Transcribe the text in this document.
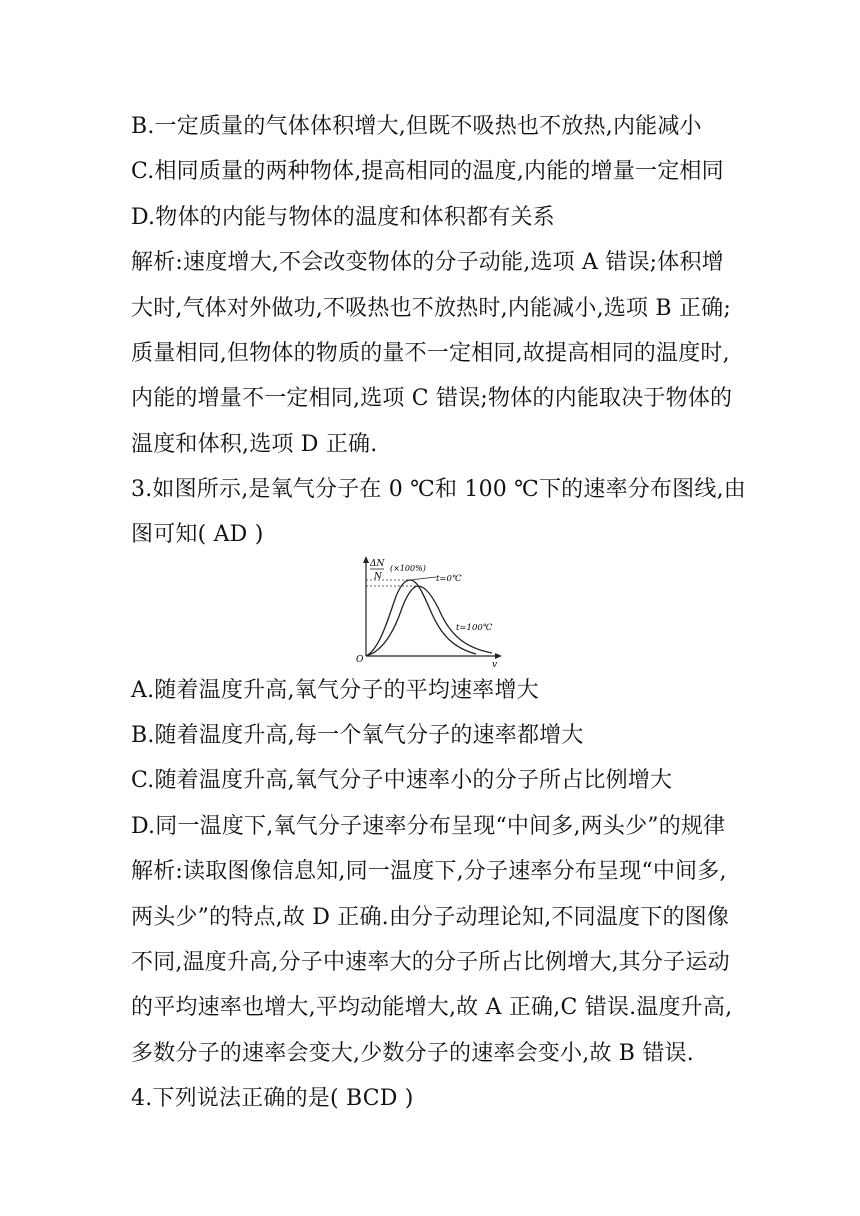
B.一定质量的气体体积增大,但既不吸热也不放热,内能减小
C.相同质量的两种物体,提高相同的温度,内能的增量一定相同
D.物体的内能与物体的温度和体积都有关系
解析:速度增大,不会改变物体的分子动能,选项 A 错误;体积增
大时,气体对外做功,不吸热也不放热时,内能减小,选项 B 正确;
质量相同,但物体的物质的量不一定相同,故提高相同的温度时,
内能的增量不一定相同,选项 C 错误;物体的内能取决于物体的
温度和体积,选项 D 正确.
3.如图所示,是氧气分子在 0 ℃和 100 ℃下的速率分布图线,由
图可知( AD )
ΔN
N
(×100%)
t=0℃
t=100℃
O	v
A.随着温度升高,氧气分子的平均速率增大
B.随着温度升高,每一个氧气分子的速率都增大
C.随着温度升高,氧气分子中速率小的分子所占比例增大
D.同一温度下,氧气分子速率分布呈现“中间多,两头少”的规律
解析:读取图像信息知,同一温度下,分子速率分布呈现“中间多,
两头少”的特点,故 D 正确.由分子动理论知,不同温度下的图像
不同,温度升高,分子中速率大的分子所占比例增大,其分子运动
的平均速率也增大,平均动能增大,故 A 正确,C 错误.温度升高,
多数分子的速率会变大,少数分子的速率会变小,故 B 错误.
4.下列说法正确的是( BCD )
